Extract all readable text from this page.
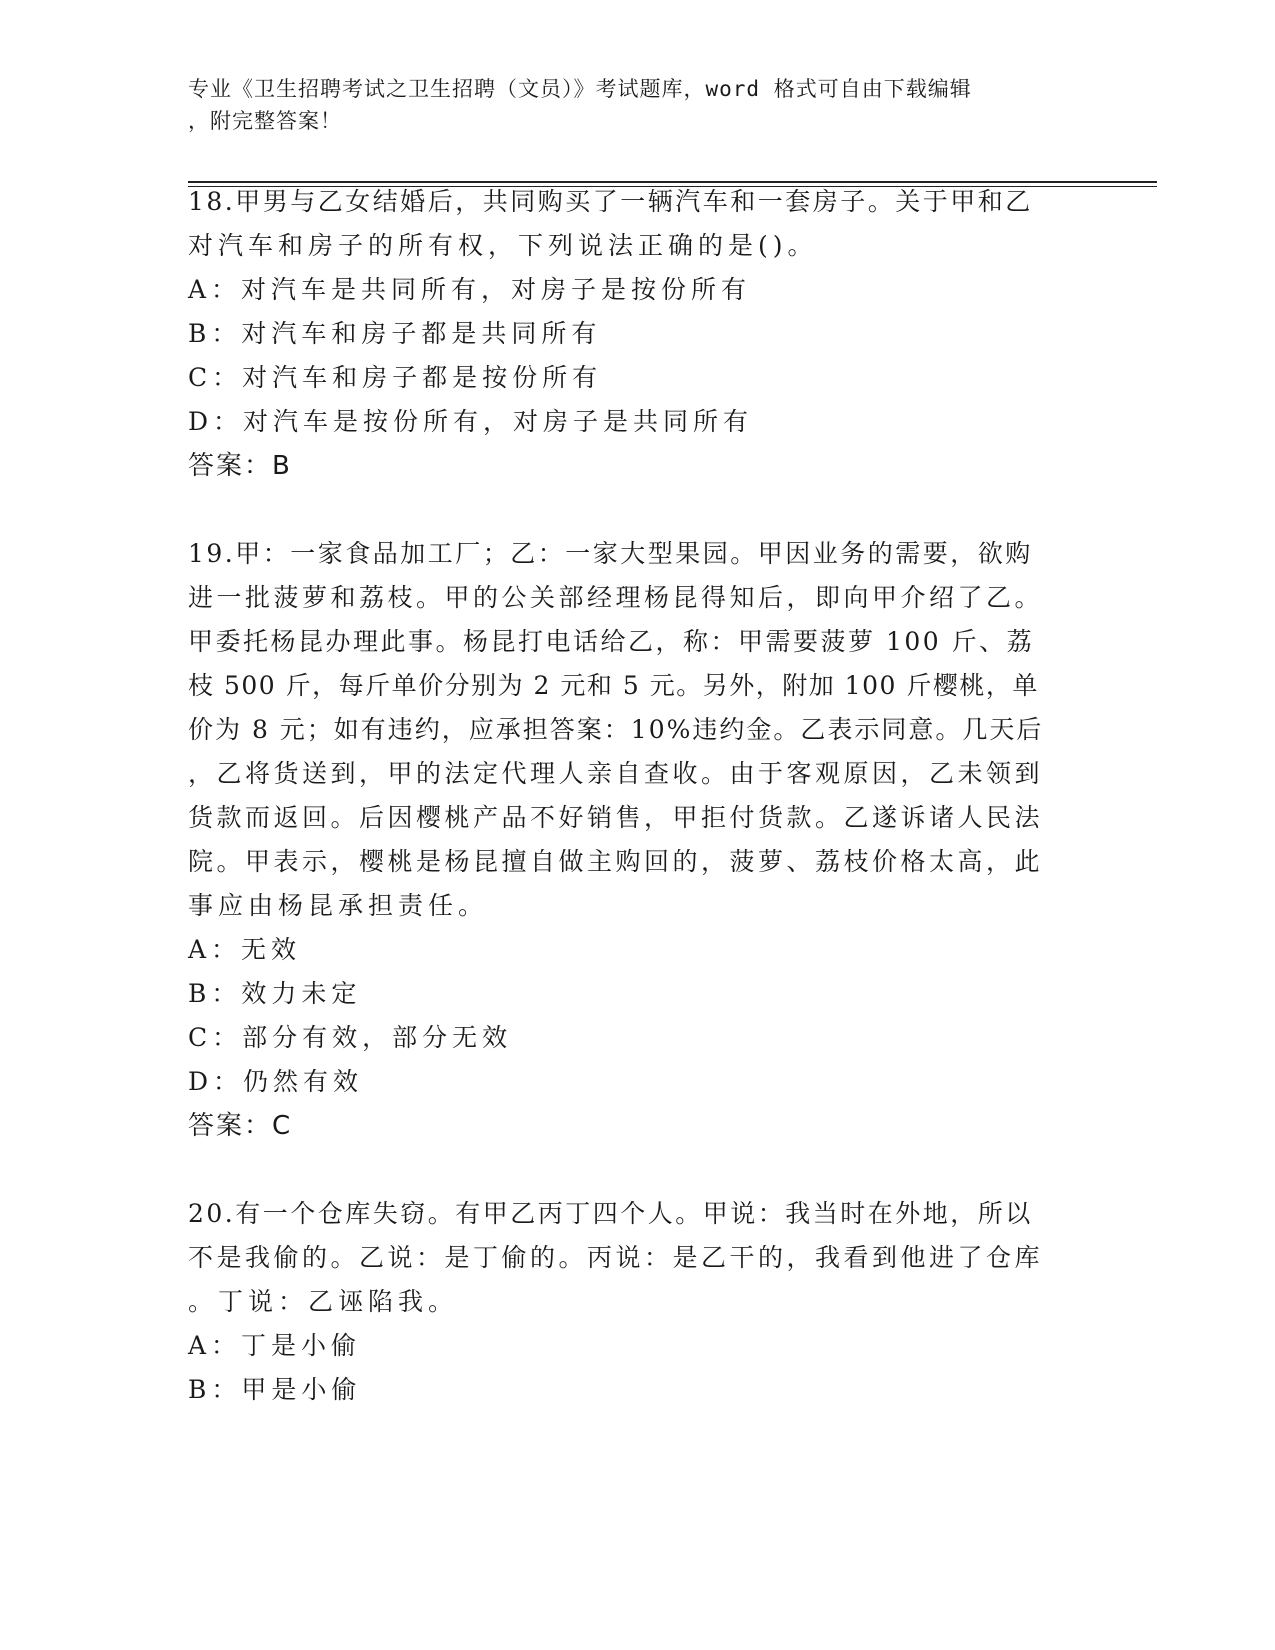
专业《卫生招聘考试之卫生招聘（文员）》考试题库，word 格式可自由下载编辑
，附完整答案！
18.甲男与乙女结婚后，共同购买了一辆汽车和一套房子。关于甲和乙
对汽车和房子的所有权，下列说法正确的是()。
A：对汽车是共同所有，对房子是按份所有
B：对汽车和房子都是共同所有
C：对汽车和房子都是按份所有
D：对汽车是按份所有，对房子是共同所有
答案：B
19.甲：一家食品加工厂；乙：一家大型果园。甲因业务的需要，欲购
进一批菠萝和荔枝。甲的公关部经理杨昆得知后，即向甲介绍了乙。
甲委托杨昆办理此事。杨昆打电话给乙，称：甲需要菠萝 100 斤、荔
枝 500 斤，每斤单价分别为 2 元和 5 元。另外，附加 100 斤樱桃，单
价为 8 元；如有违约，应承担答案：10%违约金。乙表示同意。几天后
，乙将货送到，甲的法定代理人亲自查收。由于客观原因，乙未领到
货款而返回。后因樱桃产品不好销售，甲拒付货款。乙遂诉诸人民法
院。甲表示，樱桃是杨昆擅自做主购回的，菠萝、荔枝价格太高，此
事应由杨昆承担责任。
A：无效
B：效力未定
C：部分有效，部分无效
D：仍然有效
答案：C
20.有一个仓库失窃。有甲乙丙丁四个人。甲说：我当时在外地，所以
不是我偷的。乙说：是丁偷的。丙说：是乙干的，我看到他进了仓库
。丁说：乙诬陷我。
A：丁是小偷
B：甲是小偷
